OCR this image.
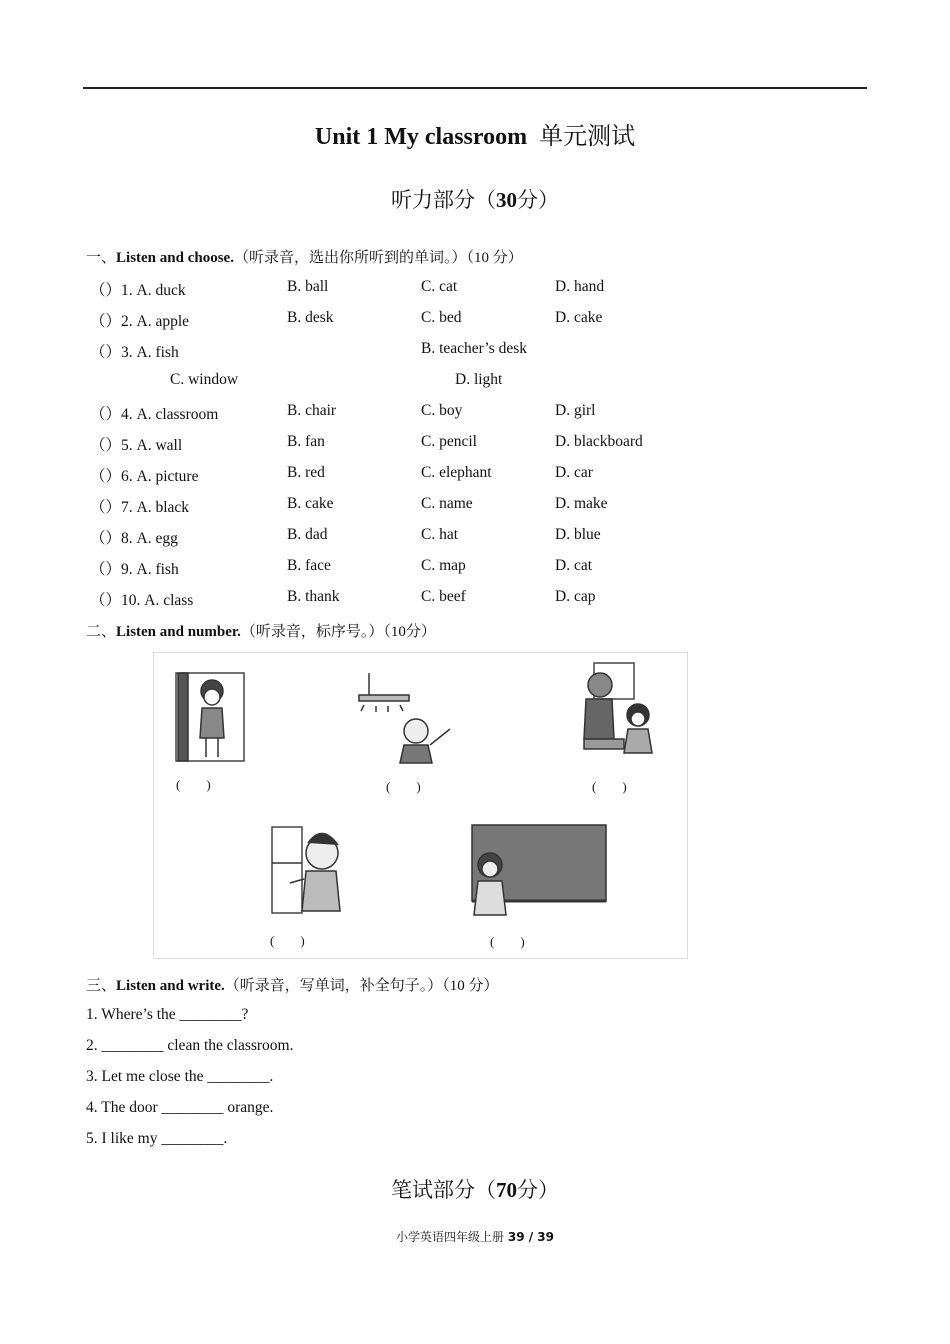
Unit 1 My classroom 单元测试
听力部分（30分）
一、Listen and choose.（听录音，选出你所听到的单词。）（10 分）
（）1. A. duck	B. ball	C. cat	D. hand
（）2. A. apple	B. desk	C. bed	D. cake
（）3. A. fish	B. teacher’s desk
C. window	D. light
（）4. A. classroom	B. chair	C. boy	D. girl
（）5. A. wall	B. fan	C. pencil	D. blackboard
（）6. A. picture	B. red	C. elephant	D. car
（）7. A. black	B. cake	C. name	D. make
（）8. A. egg	B. dad	C. hat	D. blue
（）9. A. fish	B. face	C. map	D. cat
（）10. A. class	B. thank	C. beef	D. cap
二、Listen and number.（听录音，标序号。）（10分）
(        )	(        )	(        )
(        )	(        )
三、Listen and write.（听录音，写单词，补全句子。）（10 分）
1. Where’s the ________?
2. ________ clean the classroom.
3. Let me close the ________.
4. The door ________ orange.
5. I like my ________.
笔试部分（70分）
小学英语四年级上册 39 / 39
